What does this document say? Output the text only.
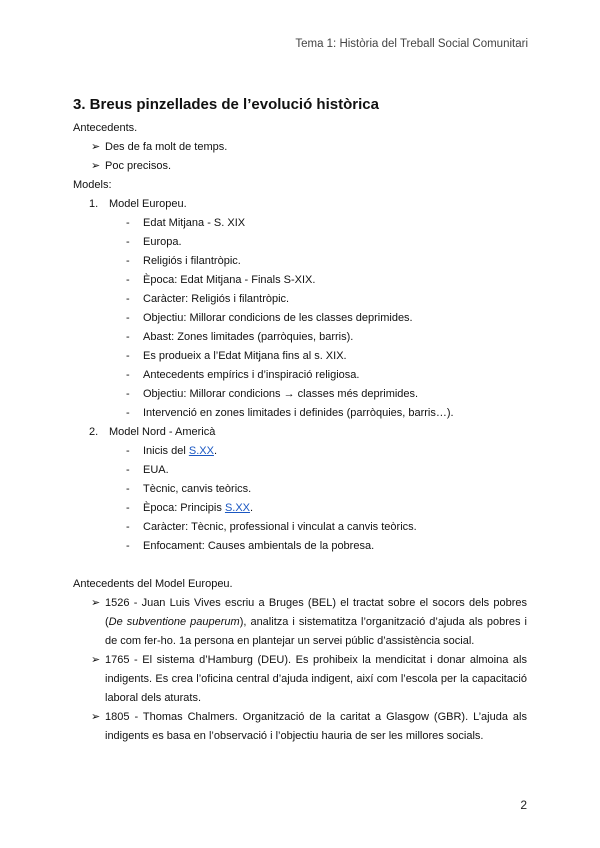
Tema 1: Història del Treball Social Comunitari
3. Breus pinzellades de l’evolució històrica

Antecedents.

➢ Des de fa molt de temps.

➢ Poc precisos.

Models:

1. Model Europeu.

- Edat Mitjana - S. XIX

- Europa.

- Religiós i filantròpic.

- Època: Edat Mitjana - Finals S-XIX.

- Caràcter: Religiós i filantròpic.

- Objectiu: Millorar condicions de les classes deprimides.

- Abast: Zones limitades (parròquies, barris).

- Es produeix a l’Edat Mitjana fins al s. XIX.

- Antecedents empírics i d’inspiració religiosa.

- Objectiu: Millorar condicions → classes més deprimides.

- Intervenció en zones limitades i definides (parròquies, barris…).

2. Model Nord - Americà

- Inicis del S.XX.

- EUA.

- Tècnic, canvis teòrics.

- Època: Principis S.XX.

- Caràcter: Tècnic, professional i vinculat a canvis teòrics.

- Enfocament: Causes ambientals de la pobresa.

Antecedents del Model Europeu.

➢ 1526 - Juan Luis Vives escriu a Bruges (BEL) el tractat sobre el socors dels pobres (De subventione pauperum), analitza i sistematitza l’organització d’ajuda als pobres i de com fer-ho. 1a persona en plantejar un servei públic d’assistència social.

➢ 1765 - El sistema d’Hamburg (DEU). Es prohibeix la mendicitat i donar almoina als indigents. Es crea l’oficina central d’ajuda indigent, així com l’escola per la capacitació laboral dels aturats.

➢ 1805 - Thomas Chalmers. Organització de la caritat a Glasgow (GBR). L’ajuda als indigents es basa en l’observació i l’objectiu hauria de ser les millores socials.

2
